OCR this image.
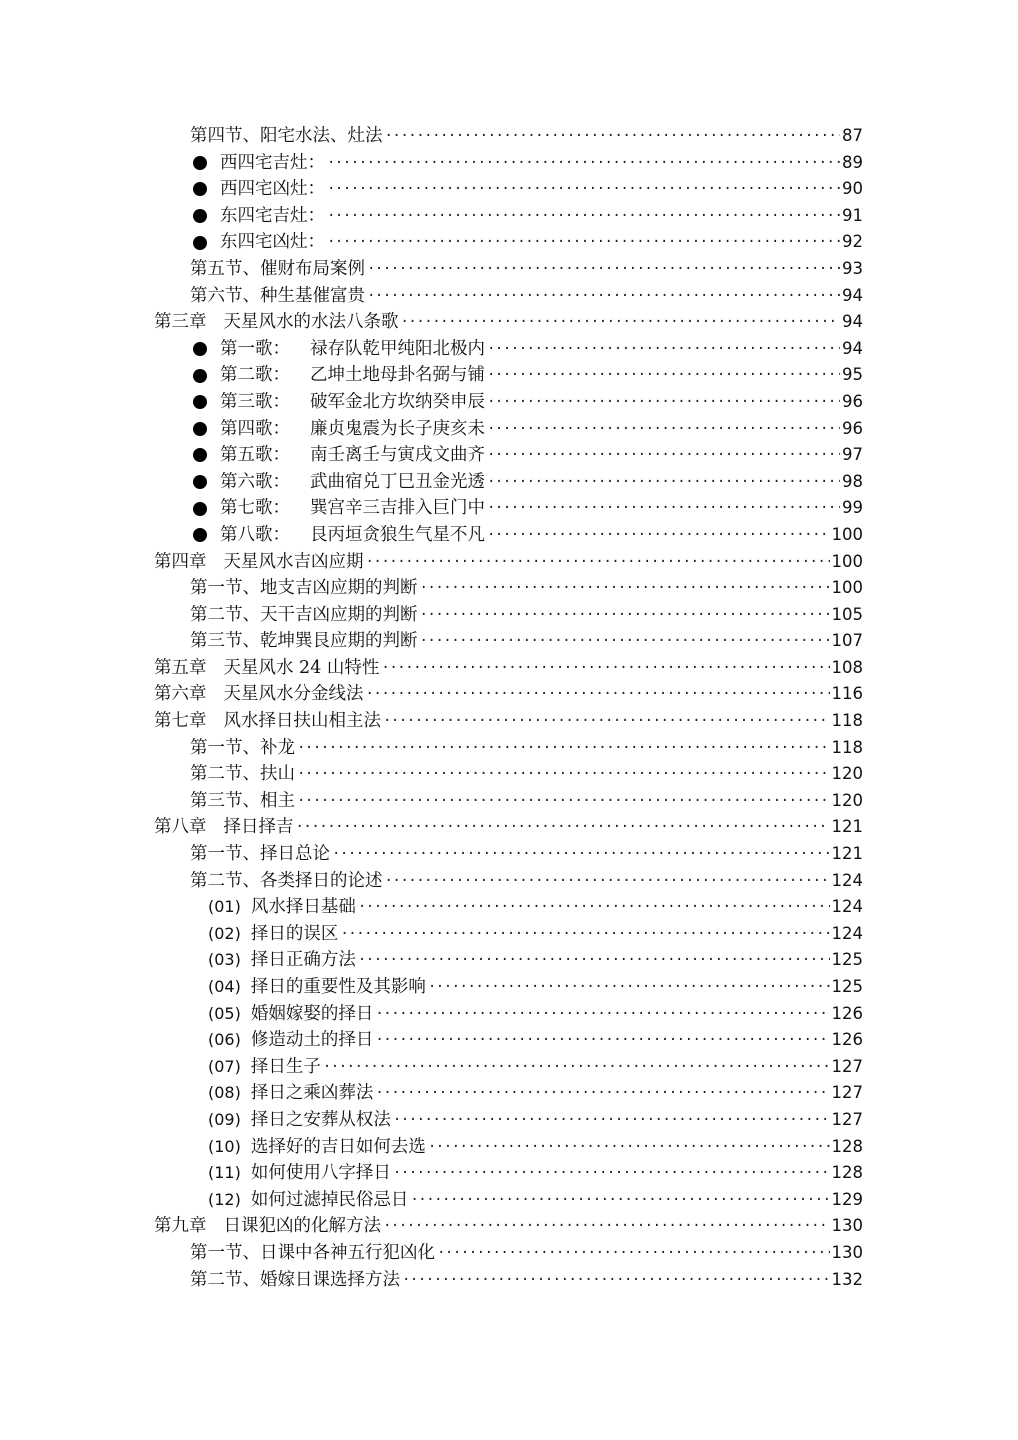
第四节、阳宅水法、灶法 ·····	87
西四宅吉灶： ·····	89
西四宅凶灶： ·····	90
东四宅吉灶： ·····	91
东四宅凶灶： ·····	92
第五节、催财布局案例 ·····	93
第六节、种生基催富贵 ·····	94
第三章 天星风水的水法八条歌 ·····	94
第一歌： 禄存队乾甲纯阳北极内 ·····	94
第二歌： 乙坤土地母卦名弼与铺 ·····	95
第三歌： 破军金北方坎纳癸申辰 ·····	96
第四歌： 廉贞鬼震为长子庚亥未 ·····	96
第五歌： 南壬离壬与寅戌文曲齐 ·····	97
第六歌： 武曲宿兑丁巳丑金光透 ·····	98
第七歌： 巽宫辛三吉排入巨门中 ·····	99
第八歌： 艮丙垣贪狼生气星不凡 ·····	100
第四章 天星风水吉凶应期 ·····	100
第一节、地支吉凶应期的判断 ·····	100
第二节、天干吉凶应期的判断 ·····	105
第三节、乾坤巽艮应期的判断 ·····	107
第五章 天星风水 24 山特性 ·····	108
第六章 天星风水分金线法 ·····	116
第七章 风水择日扶山相主法 ·····	118
第一节、补龙 ·····	118
第二节、扶山 ·····	120
第三节、相主 ·····	120
第八章 择日择吉 ·····	121
第一节、择日总论 ·····	121
第二节、各类择日的论述 ·····	124
(01) 风水择日基础 ·····	124
(02) 择日的误区 ·····	124
(03) 择日正确方法 ·····	125
(04) 择日的重要性及其影响 ·····	125
(05) 婚姻嫁娶的择日 ·····	126
(06) 修造动土的择日 ·····	126
(07) 择日生子 ·····	127
(08) 择日之乘凶葬法 ·····	127
(09) 择日之安葬从权法 ·····	127
(10) 选择好的吉日如何去选 ·····	128
(11) 如何使用八字择日 ·····	128
(12) 如何过滤掉民俗忌日 ·····	129
第九章 日课犯凶的化解方法 ·····	130
第一节、日课中各神五行犯凶化 ·····	130
第二节、婚嫁日课选择方法 ·····	132
